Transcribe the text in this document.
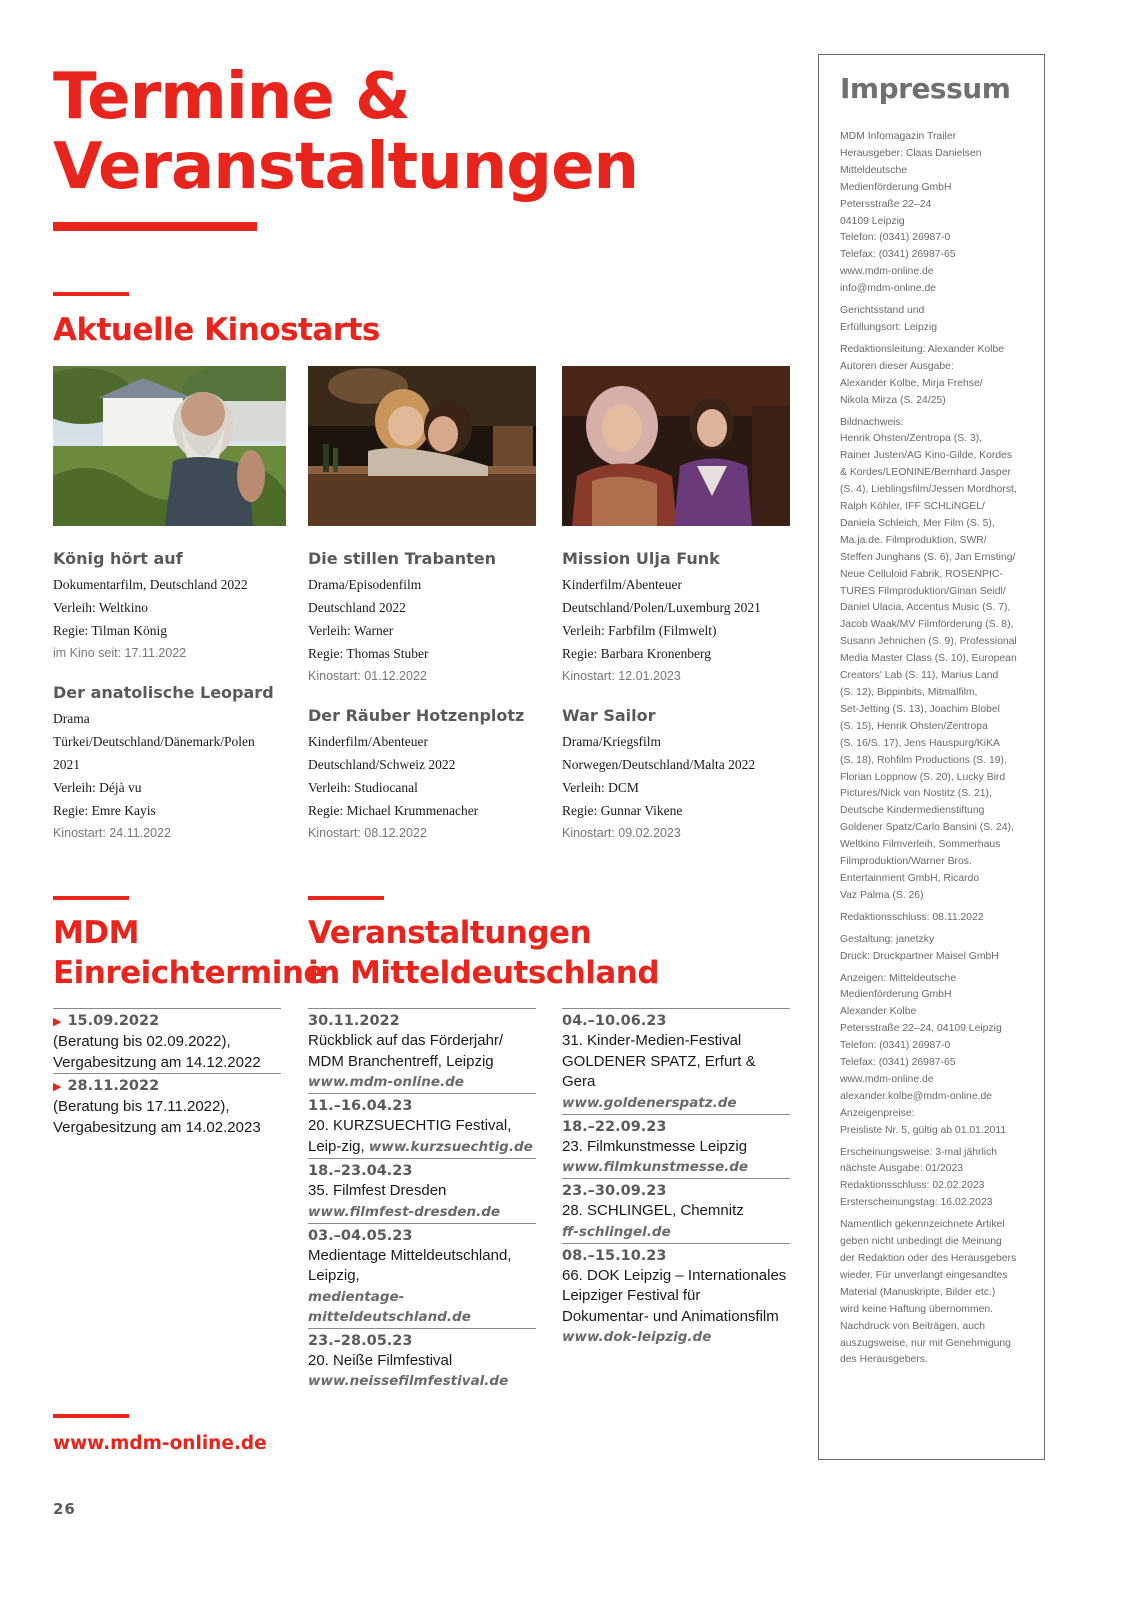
Termine &
Veranstaltungen
Aktuelle Kinostarts
König hört auf
Dokumentarfilm, Deutschland 2022
Verleih: Weltkino
Regie: Tilman König
im Kino seit: 17.11.2022
Der anatolische Leopard
Drama
Türkei/Deutschland/Dänemark/Polen
2021
Verleih: Déjà vu
Regie: Emre Kayis
Kinostart: 24.11.2022
Die stillen Trabanten
Drama/Episodenfilm
Deutschland 2022
Verleih: Warner
Regie: Thomas Stuber
Kinostart: 01.12.2022
Der Räuber Hotzenplotz
Kinderfilm/Abenteuer
Deutschland/Schweiz 2022
Verleih: Studiocanal
Regie: Michael Krummenacher
Kinostart: 08.12.2022
Mission Ulja Funk
Kinderfilm/Abenteuer
Deutschland/Polen/Luxemburg 2021
Verleih: Farbfilm (Filmwelt)
Regie: Barbara Kronenberg
Kinostart: 12.01.2023
War Sailor
Drama/Kriegsfilm
Norwegen/Deutschland/Malta 2022
Verleih: DCM
Regie: Gunnar Vikene
Kinostart: 09.02.2023
MDM
Einreichtermine
▶ 15.09.2022
(Beratung bis 02.09.2022), Vergabesitzung am 14.12.2022
▶ 28.11.2022
(Beratung bis 17.11.2022), Vergabesitzung am 14.02.2023
Veranstaltungen
in Mitteldeutschland
30.11.2022
Rückblick auf das Förderjahr/ MDM Branchentreff, Leipzig
www.mdm-online.de
11.–16.04.23
20. KURZSUECHTIG Festival, Leip-zig, www.kurzsuechtig.de
18.–23.04.23
35. Filmfest Dresden
www.filmfest-dresden.de
03.–04.05.23
Medientage Mitteldeutschland, Leipzig,
medientage-mitteldeutschland.de
23.–28.05.23
20. Neiße Filmfestival
www.neissefilmfestival.de
04.–10.06.23
31. Kinder-Medien-Festival GOLDENER SPATZ, Erfurt & Gera
www.goldenerspatz.de
18.–22.09.23
23. Filmkunstmesse Leipzig
www.filmkunstmesse.de
23.–30.09.23
28. SCHLINGEL, Chemnitz
ff-schlingel.de
08.–15.10.23
66. DOK Leipzig – Internationales Leipziger Festival für Dokumentar- und Animationsfilm
www.dok-leipzig.de
www.mdm-online.de
26
Impressum
MDM Infomagazin Trailer
Herausgeber: Claas Danielsen
Mitteldeutsche
Medienförderung GmbH
Petersstraße 22–24
04109 Leipzig
Telefon: (0341) 26987-0
Telefax: (0341) 26987-65
www.mdm-online.de
info@mdm-online.de
Gerichtsstand und
Erfüllungsort: Leipzig
Redaktionsleitung: Alexander Kolbe
Autoren dieser Ausgabe:
Alexander Kolbe, Mirja Frehse/
Nikola Mirza (S. 24/25)
Bildnachweis:
Henrik Ohsten/Zentropa (S. 3),
Rainer Justen/AG Kino-Gilde, Kordes
& Kordes/LEONINE/Bernhard Jasper
(S. 4), Lieblingsfilm/Jessen Mordhorst,
Ralph Köhler, IFF SCHLiNGEL/
Daniela Schleich, Mer Film (S. 5),
Ma.ja.de. Filmproduktion, SWR/
Steffen Junghans (S. 6), Jan Ernsting/
Neue Celluloid Fabrik, ROSENPIC-
TURES Filmproduktion/Ginan Seidl/
Daniel Ulacia, Accentus Music (S. 7),
Jacob Waak/MV Filmförderung (S. 8),
Susann Jehnichen (S. 9), Professional
Media Master Class (S. 10), European
Creators' Lab (S. 11), Marius Land
(S. 12), Bippinbits, Mitmalfilm,
Set-Jetting (S. 13), Joachim Blobel
(S. 15), Henrik Ohsten/Zentropa
(S. 16/S. 17), Jens Hauspurg/KiKA
(S. 18), Rohfilm Productions (S. 19),
Florian Loppnow (S. 20), Lucky Bird
Pictures/Nick von Nostitz (S. 21),
Deutsche Kindermedienstiftung
Goldener Spatz/Carlo Bansini (S. 24),
Weltkino Filmverleih, Sommerhaus
Filmproduktion/Warner Bros.
Entertainment GmbH, Ricardo
Vaz Palma (S. 26)
Redaktionsschluss: 08.11.2022
Gestaltung: janetzky
Druck: Druckpartner Maisel GmbH
Anzeigen: Mitteldeutsche
Medienförderung GmbH
Alexander Kolbe
Petersstraße 22–24, 04109 Leipzig
Telefon: (0341) 26987-0
Telefax: (0341) 26987-65
www.mdm-online.de
alexander.kolbe@mdm-online.de
Anzeigenpreise:
Preisliste Nr. 5, gültig ab 01.01.2011
Erscheinungsweise: 3-mal jährlich
nächste Ausgabe: 01/2023
Redaktionsschluss: 02.02.2023
Ersterscheinungstag: 16.02.2023
Namentlich gekennzeichnete Artikel
geben nicht unbedingt die Meinung
der Redaktion oder des Herausgebers
wieder. Für unverlangt eingesandtes
Material (Manuskripte, Bilder etc.)
wird keine Haftung übernommen.
Nachdruck von Beiträgen, auch
auszugsweise, nur mit Genehmigung
des Herausgebers.
